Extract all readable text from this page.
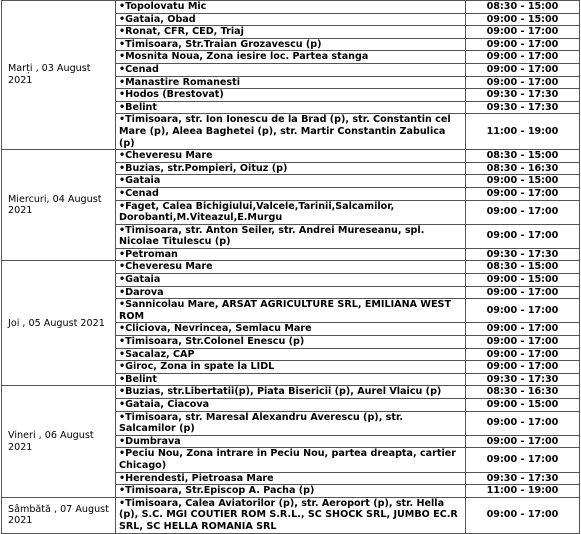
Marți , 03 August 2021	•Topolovatu Mic	08:30 - 15:00
	•Gataia, Obad	09:00 - 15:00
	•Ronat, CFR, CED, Triaj	09:00 - 17:00
	•Timisoara, Str.Traian Grozavescu (p)	09:00 - 17:00
	•Mosnita Noua, Zona iesire loc. Partea stanga	09:00 - 17:00
	•Cenad	09:00 - 17:00
	•Manastire Romanesti	09:00 - 17:00
	•Hodos (Brestovat)	09:30 - 17:30
	•Belint	09:30 - 17:30
	•Timisoara, str. Ion Ionescu de la Brad (p), str. Constantin cel Mare (p), Aleea Baghetei (p), str. Martir Constantin Zabulica (p)	11:00 - 19:00
Miercuri, 04 August 2021	•Cheveresu Mare	08:30 - 15:00
	•Buzias, str.Pompieri, Oituz (p)	08:30 - 16:30
	•Gataia	09:00 - 15:00
	•Cenad	09:00 - 17:00
	•Faget, Calea Bichigiului,Valcele,Tarinii,Salcamilor, Dorobanti,M.Viteazul,E.Murgu	09:00 - 17:00
	•Timisoara, str. Anton Seiler, str. Andrei Mureseanu, spl. Nicolae Titulescu (p)	09:00 - 17:00
	•Petroman	09:30 - 17:30
Joi , 05 August 2021	•Cheveresu Mare	08:30 - 15:00
	•Gataia	09:00 - 15:00
	•Darova	09:00 - 17:00
	•Sannicolau Mare, ARSAT AGRICULTURE SRL, EMILIANA WEST ROM	09:00 - 17:00
	•Cliciova, Nevrincea, Semlacu Mare	09:00 - 17:00
	•Timisoara, Str.Colonel Enescu (p)	09:00 - 17:00
	•Sacalaz, CAP	09:00 - 17:00
	•Giroc, Zona in spate la LIDL	09:00 - 17:00
	•Belint	09:30 - 17:30
Vineri , 06 August 2021	•Buzias, str.Libertatii(p), Piata Bisericii (p), Aurel Vlaicu (p)	08:30 - 16:30
	•Gataia, Ciacova	09:00 - 15:00
	•Timisoara, str. Maresal Alexandru Averescu (p), str. Salcamilor (p)	09:00 - 17:00
	•Dumbrava	09:00 - 17:00
	•Peciu Nou, Zona intrare in Peciu Nou, partea dreapta, cartier Chicago)	09:00 - 17:00
	•Herendesti, Pietroasa Mare	09:30 - 17:30
	•Timisoara, Str.Episcop A. Pacha (p)	11:00 - 19:00
Sâmbătă , 07 August 2021	•Timisoara, Calea Aviatorilor (p), str. Aeroport (p), str. Hella (p), S.C. MGI COUTIER ROM S.R.L., SC SHOCK SRL, JUMBO EC.R SRL, SC HELLA ROMANIA SRL	09:00 - 17:00
